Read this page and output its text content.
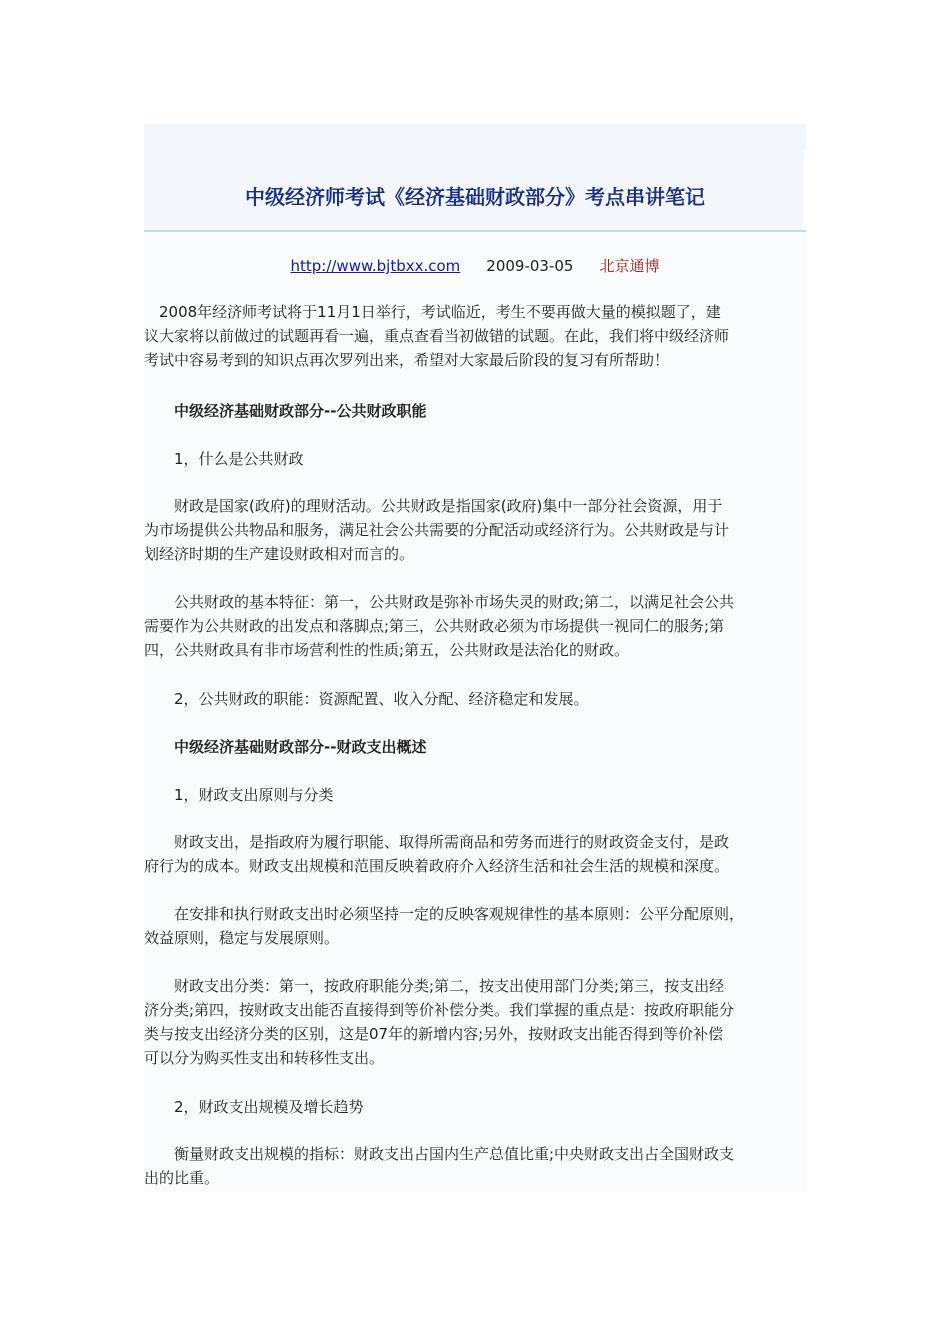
中级经济师考试《经济基础财政部分》考点串讲笔记
http://www.bjtbxx.com 2009-03-05 北京通博
　2008年经济师考试将于11月1日举行，考试临近，考生不要再做大量的模拟题了，建
议大家将以前做过的试题再看一遍，重点查看当初做错的试题。在此，我们将中级经济师
考试中容易考到的知识点再次罗列出来，希望对大家最后阶段的复习有所帮助！
　　中级经济基础财政部分--公共财政职能
　　1，什么是公共财政
　　财政是国家(政府)的理财活动。公共财政是指国家(政府)集中一部分社会资源，用于
为市场提供公共物品和服务，满足社会公共需要的分配活动或经济行为。公共财政是与计
划经济时期的生产建设财政相对而言的。
　　公共财政的基本特征：第一，公共财政是弥补市场失灵的财政;第二，以满足社会公共
需要作为公共财政的出发点和落脚点;第三，公共财政必须为市场提供一视同仁的服务;第
四，公共财政具有非市场营利性的性质;第五，公共财政是法治化的财政。
　　2，公共财政的职能：资源配置、收入分配、经济稳定和发展。
　　中级经济基础财政部分--财政支出概述
　　1，财政支出原则与分类
　　财政支出，是指政府为履行职能、取得所需商品和劳务而进行的财政资金支付，是政
府行为的成本。财政支出规模和范围反映着政府介入经济生活和社会生活的规模和深度。
　　在安排和执行财政支出时必须坚持一定的反映客观规律性的基本原则：公平分配原则，
效益原则，稳定与发展原则。
　　财政支出分类：第一，按政府职能分类;第二，按支出使用部门分类;第三，按支出经
济分类;第四，按财政支出能否直接得到等价补偿分类。我们掌握的重点是：按政府职能分
类与按支出经济分类的区别，这是07年的新增内容;另外，按财政支出能否得到等价补偿
可以分为购买性支出和转移性支出。
　　2，财政支出规模及增长趋势
　　衡量财政支出规模的指标：财政支出占国内生产总值比重;中央财政支出占全国财政支
出的比重。
